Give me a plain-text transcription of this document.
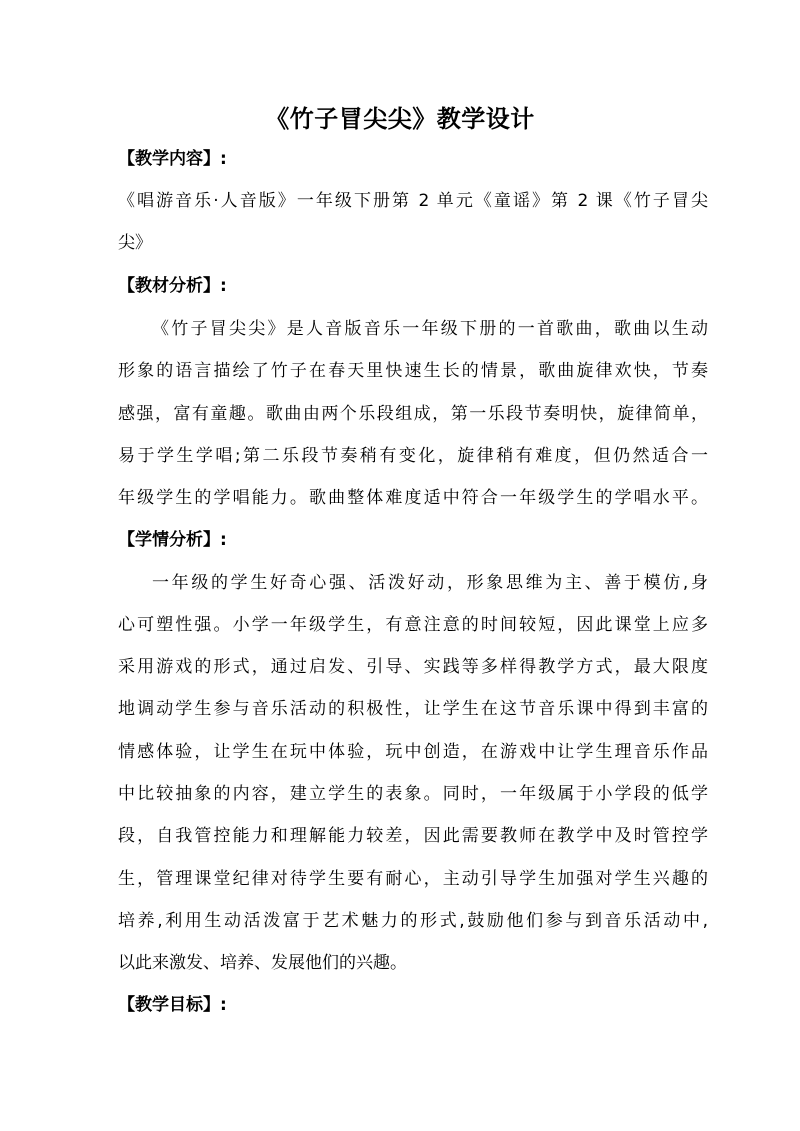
《竹子冒尖尖》教学设计
【教学内容】:
《唱游音乐·人音版》一年级下册第 2 单元《童谣》第 2 课《竹子冒尖
尖》
【教材分析】:
《竹子冒尖尖》是人音版音乐一年级下册的一首歌曲，歌曲以生动
形象的语言描绘了竹子在春天里快速生长的情景，歌曲旋律欢快，节奏
感强，富有童趣。歌曲由两个乐段组成，第一乐段节奏明快，旋律简单，
易于学生学唱;第二乐段节奏稍有变化，旋律稍有难度，但仍然适合一
年级学生的学唱能力。歌曲整体难度适中符合一年级学生的学唱水平。
【学情分析】:
一年级的学生好奇心强、活泼好动，形象思维为主、善于模仿,身
心可塑性强。小学一年级学生，有意注意的时间较短，因此课堂上应多
采用游戏的形式，通过启发、引导、实践等多样得教学方式，最大限度
地调动学生参与音乐活动的积极性，让学生在这节音乐课中得到丰富的
情感体验，让学生在玩中体验，玩中创造，在游戏中让学生理音乐作品
中比较抽象的内容，建立学生的表象。同时，一年级属于小学段的低学
段，自我管控能力和理解能力较差，因此需要教师在教学中及时管控学
生，管理课堂纪律对待学生要有耐心，主动引导学生加强对学生兴趣的
培养,利用生动活泼富于艺术魅力的形式,鼓励他们参与到音乐活动中,
以此来激发、培养、发展他们的兴趣。
【教学目标】:
